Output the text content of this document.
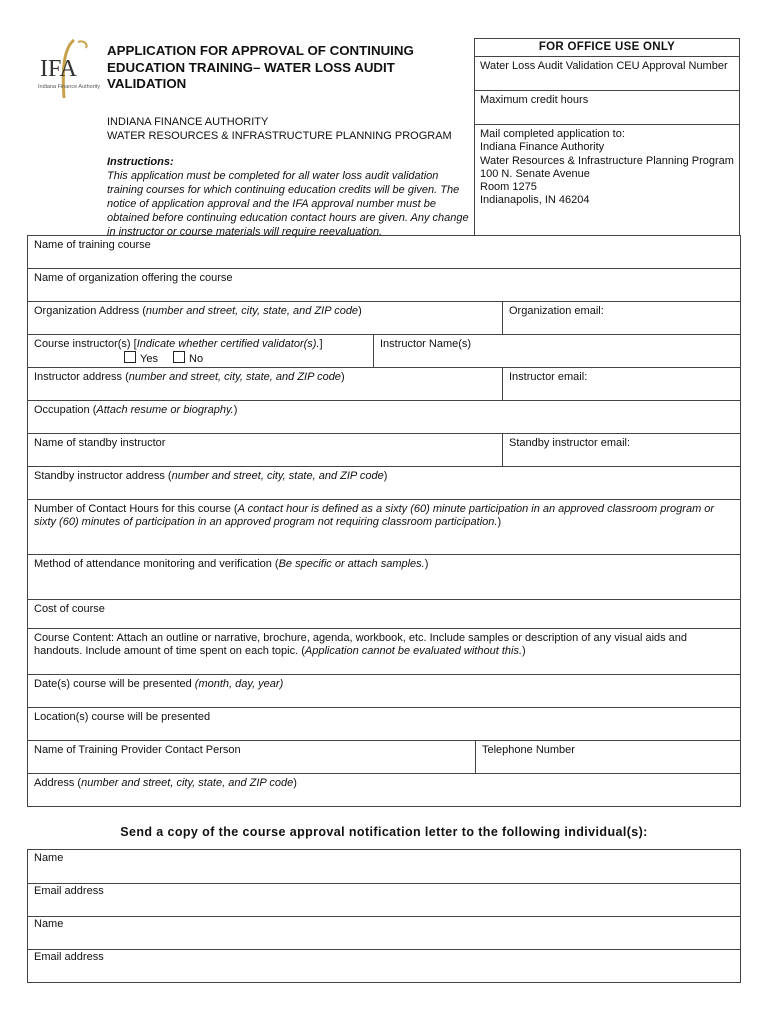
IFA
Indiana Finance Authority
APPLICATION FOR APPROVAL OF CONTINUING
EDUCATION TRAINING– WATER LOSS AUDIT
VALIDATION
INDIANA FINANCE AUTHORITY
WATER RESOURCES & INFRASTRUCTURE PLANNING PROGRAM
Instructions:
This application must be completed for all water loss audit validation training courses for which continuing education credits will be given. The notice of application approval and the IFA approval number must be obtained before continuing education contact hours are given. Any change in instructor or course materials will require reevaluation.
FOR OFFICE USE ONLY
Water Loss Audit Validation CEU Approval Number
Maximum credit hours
Mail completed application to:
Indiana Finance Authority
Water Resources & Infrastructure Planning Program
100 N. Senate Avenue
Room 1275
Indianapolis, IN 46204
Name of training course
Name of organization offering the course
Organization Address (number and street, city, state, and ZIP code)	Organization email:
Course instructor(s) [Indicate whether certified validator(s).]
Yes	No
Instructor Name(s)
Instructor address (number and street, city, state, and ZIP code)	Instructor email:
Occupation (Attach resume or biography.)
Name of standby instructor	Standby instructor email:
Standby instructor address (number and street, city, state, and ZIP code)
Number of Contact Hours for this course (A contact hour is defined as a sixty (60) minute participation in an approved classroom program or sixty (60) minutes of participation in an approved program not requiring classroom participation.)
Method of attendance monitoring and verification (Be specific or attach samples.)
Cost of course
Course Content: Attach an outline or narrative, brochure, agenda, workbook, etc. Include samples or description of any visual aids and handouts. Include amount of time spent on each topic. (Application cannot be evaluated without this.)
Date(s) course will be presented (month, day, year)
Location(s) course will be presented
Name of Training Provider Contact Person	Telephone Number
Address (number and street, city, state, and ZIP code)
Send a copy of the course approval notification letter to the following individual(s):
Name
Email address
Name
Email address
